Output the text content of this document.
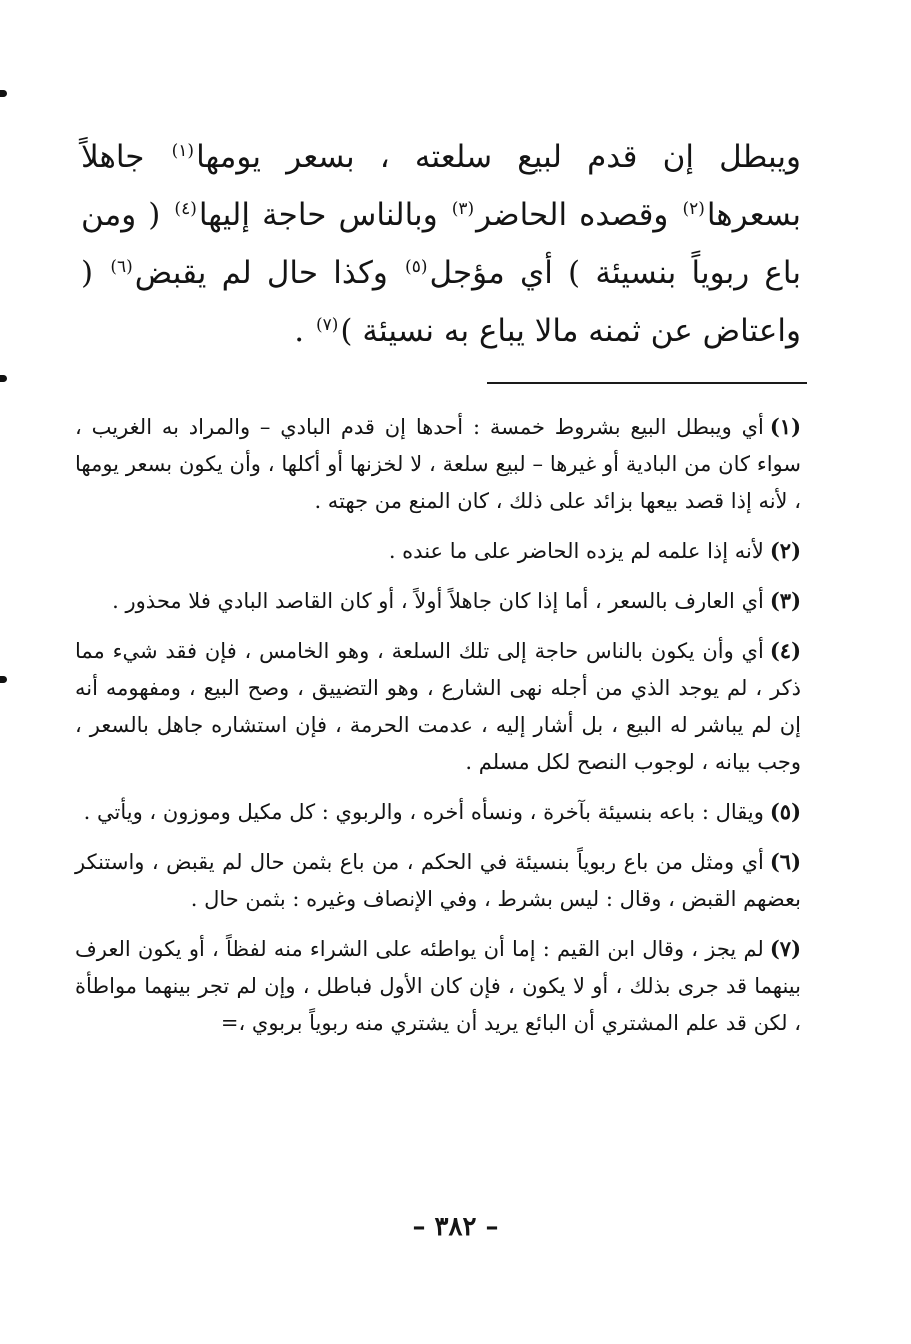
ويبطل إن قدم لبيع سلعته ، بسعر يومها$^{(١)}$ جاهلاً بسعرها$^{(٢)}$ وقصده الحاضر$^{(٣)}$ وبالناس حاجة إليها$^{(٤)}$ ( ومن باع ربوياً بنسيئة ) أي مؤجل$^{(٥)}$ وكذا حال لم يقبض$^{(٦)}$ ( واعتاض عن ثمنه مالا يباع به نسيئة )$^{(٧)}$ .

(١)أي ويبطل البيع بشروط خمسة : أحدها إن قدم البادي – والمراد به الغريب ، سواء كان من البادية أو غيرها – لبيع سلعة ، لا لخزنها أو أكلها ، وأن يكون بسعر يومها ، لأنه إذا قصد بيعها بزائد على ذلك ، كان المنع من جهته .

(٢)لأنه إذا علمه لم يزده الحاضر على ما عنده .

(٣)أي العارف بالسعر ، أما إذا كان جاهلاً أولاً ، أو كان القاصد البادي فلا محذور .

(٤)أي وأن يكون بالناس حاجة إلى تلك السلعة ، وهو الخامس ، فإن فقد شيء مما ذكر ، لم يوجد الذي من أجله نهى الشارع ، وهو التضييق ، وصح البيع ، ومفهومه أنه إن لم يباشر له البيع ، بل أشار إليه ، عدمت الحرمة ، فإن استشاره جاهل بالسعر ، وجب بيانه ، لوجوب النصح لكل مسلم .

(٥)ويقال : باعه بنسيئة بآخرة ، ونسأه أخره ، والربوي : كل مكيل وموزون ، ويأتي .

(٦)أي ومثل من باع ربوياً بنسيئة في الحكم ، من باع بثمن حال لم يقبض ، واستنكر بعضهم القبض ، وقال : ليس بشرط ، وفي الإنصاف وغيره : بثمن حال .

(٧)لم يجز ، وقال ابن القيم : إما أن يواطئه على الشراء منه لفظاً ، أو يكون العرف بينهما قد جرى بذلك ، أو لا يكون ، فإن كان الأول فباطل ، وإن لم تجر بينهما مواطأة ، لكن قد علم المشتري أن البائع يريد أن يشتري منه ربوياً بربوي ،=

– ٣٨٢ –
